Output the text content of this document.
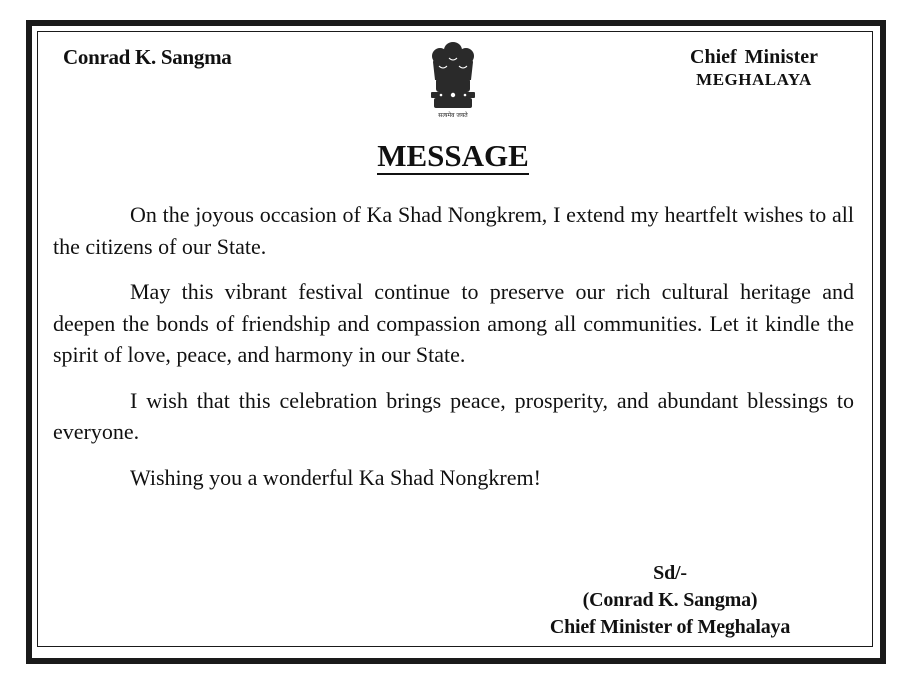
Conrad K. Sangma
सत्यमेव जयते
Chief Minister
MEGHALAYA
MESSAGE

On the joyous occasion of Ka Shad Nongkrem, I extend my heartfelt wishes to all the citizens of our State.

May this vibrant festival continue to preserve our rich cultural heritage and deepen the bonds of friendship and compassion among all communities. Let it kindle the spirit of love, peace, and harmony in our State.

I wish that this celebration brings peace, prosperity, and abundant blessings to everyone.

Wishing you a wonderful Ka Shad Nongkrem!

Sd/-
(Conrad K. Sangma)
Chief Minister of Meghalaya
